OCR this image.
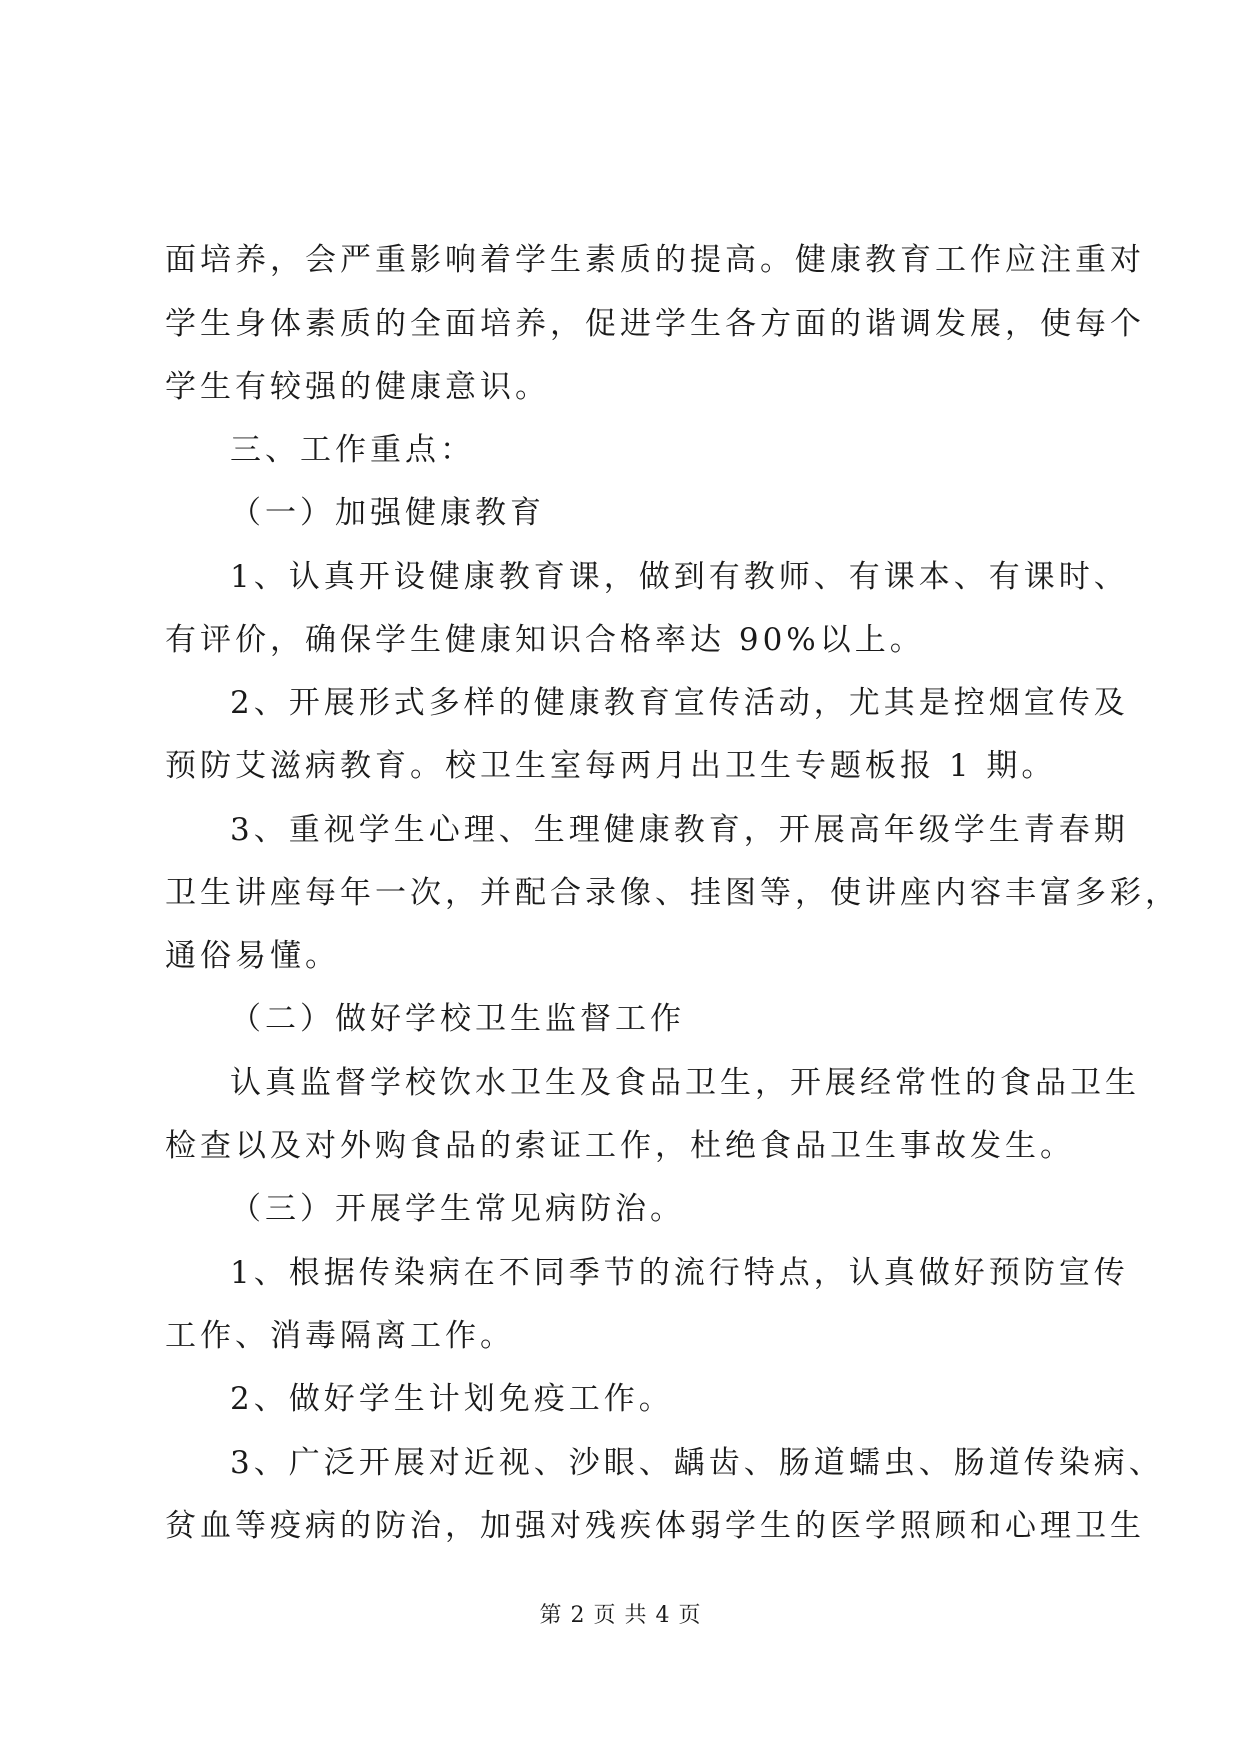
面培养，会严重影响着学生素质的提高。健康教育工作应注重对
学生身体素质的全面培养，促进学生各方面的谐调发展，使每个
学生有较强的健康意识。
三、工作重点：
（一）加强健康教育
1、认真开设健康教育课，做到有教师、有课本、有课时、
有评价，确保学生健康知识合格率达 90%以上。
2、开展形式多样的健康教育宣传活动，尤其是控烟宣传及
预防艾滋病教育。校卫生室每两月出卫生专题板报 1 期。
3、重视学生心理、生理健康教育，开展高年级学生青春期
卫生讲座每年一次，并配合录像、挂图等，使讲座内容丰富多彩，
通俗易懂。
（二）做好学校卫生监督工作
认真监督学校饮水卫生及食品卫生，开展经常性的食品卫生
检查以及对外购食品的索证工作，杜绝食品卫生事故发生。
（三）开展学生常见病防治。
1、根据传染病在不同季节的流行特点，认真做好预防宣传
工作、消毒隔离工作。
2、做好学生计划免疫工作。
3、广泛开展对近视、沙眼、龋齿、肠道蠕虫、肠道传染病、
贫血等疫病的防治，加强对残疾体弱学生的医学照顾和心理卫生
第 2 页 共 4 页
